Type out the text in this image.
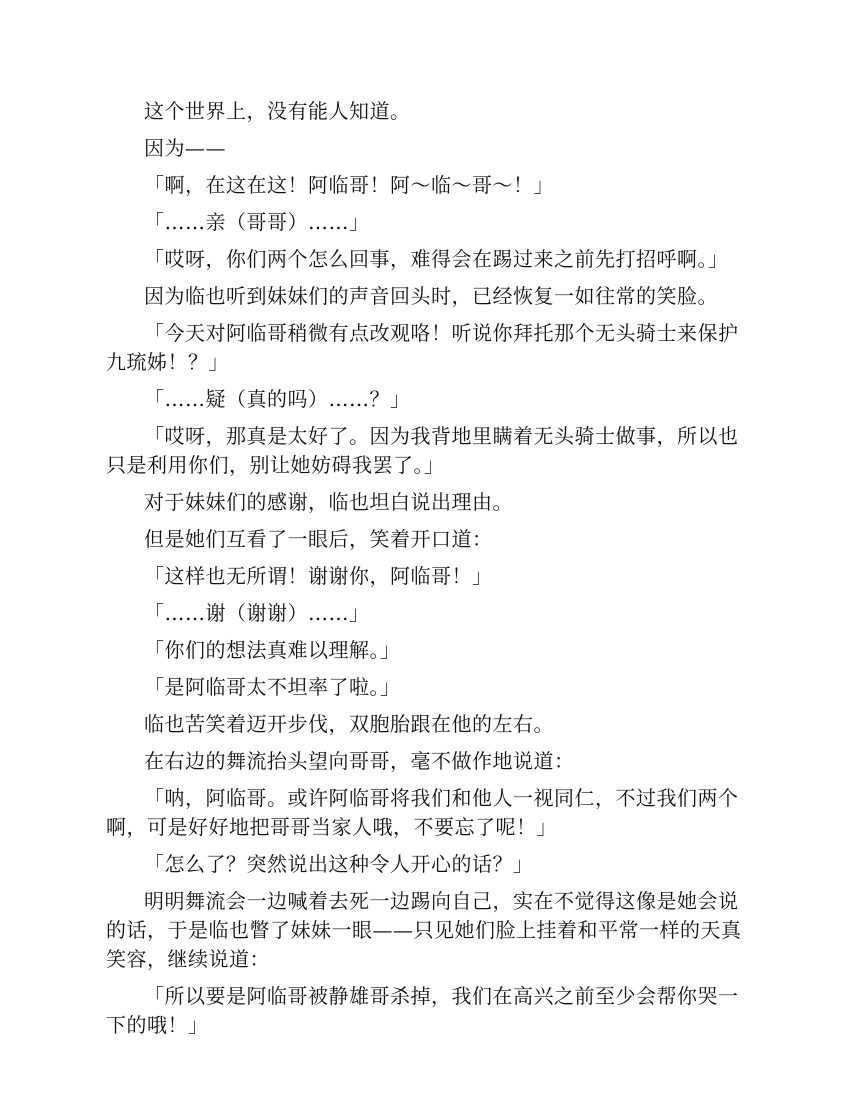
这个世界上，没有能人知道。

因为——

「啊，在这在这！阿临哥！阿～临～哥～！」

「……亲（哥哥）……」

「哎呀，你们两个怎么回事，难得会在踢过来之前先打招呼啊。」

因为临也听到妹妹们的声音回头时，已经恢复一如往常的笑脸。

「今天对阿临哥稍微有点改观咯！听说你拜托那个无头骑士来保护九琉姊！？」

「……疑（真的吗）……？」

「哎呀，那真是太好了。因为我背地里瞒着无头骑士做事，所以也只是利用你们，别让她妨碍我罢了。」

对于妹妹们的感谢，临也坦白说出理由。

但是她们互看了一眼后，笑着开口道：

「这样也无所谓！谢谢你，阿临哥！」

「……谢（谢谢）……」

「你们的想法真难以理解。」

「是阿临哥太不坦率了啦。」

临也苦笑着迈开步伐，双胞胎跟在他的左右。

在右边的舞流抬头望向哥哥，毫不做作地说道：

「呐，阿临哥。或许阿临哥将我们和他人一视同仁，不过我们两个啊，可是好好地把哥哥当家人哦，不要忘了呢！」

「怎么了？突然说出这种令人开心的话？」

明明舞流会一边喊着去死一边踢向自己，实在不觉得这像是她会说的话，于是临也瞥了妹妹一眼——只见她们脸上挂着和平常一样的天真笑容，继续说道：

「所以要是阿临哥被静雄哥杀掉，我们在高兴之前至少会帮你哭一下的哦！」
